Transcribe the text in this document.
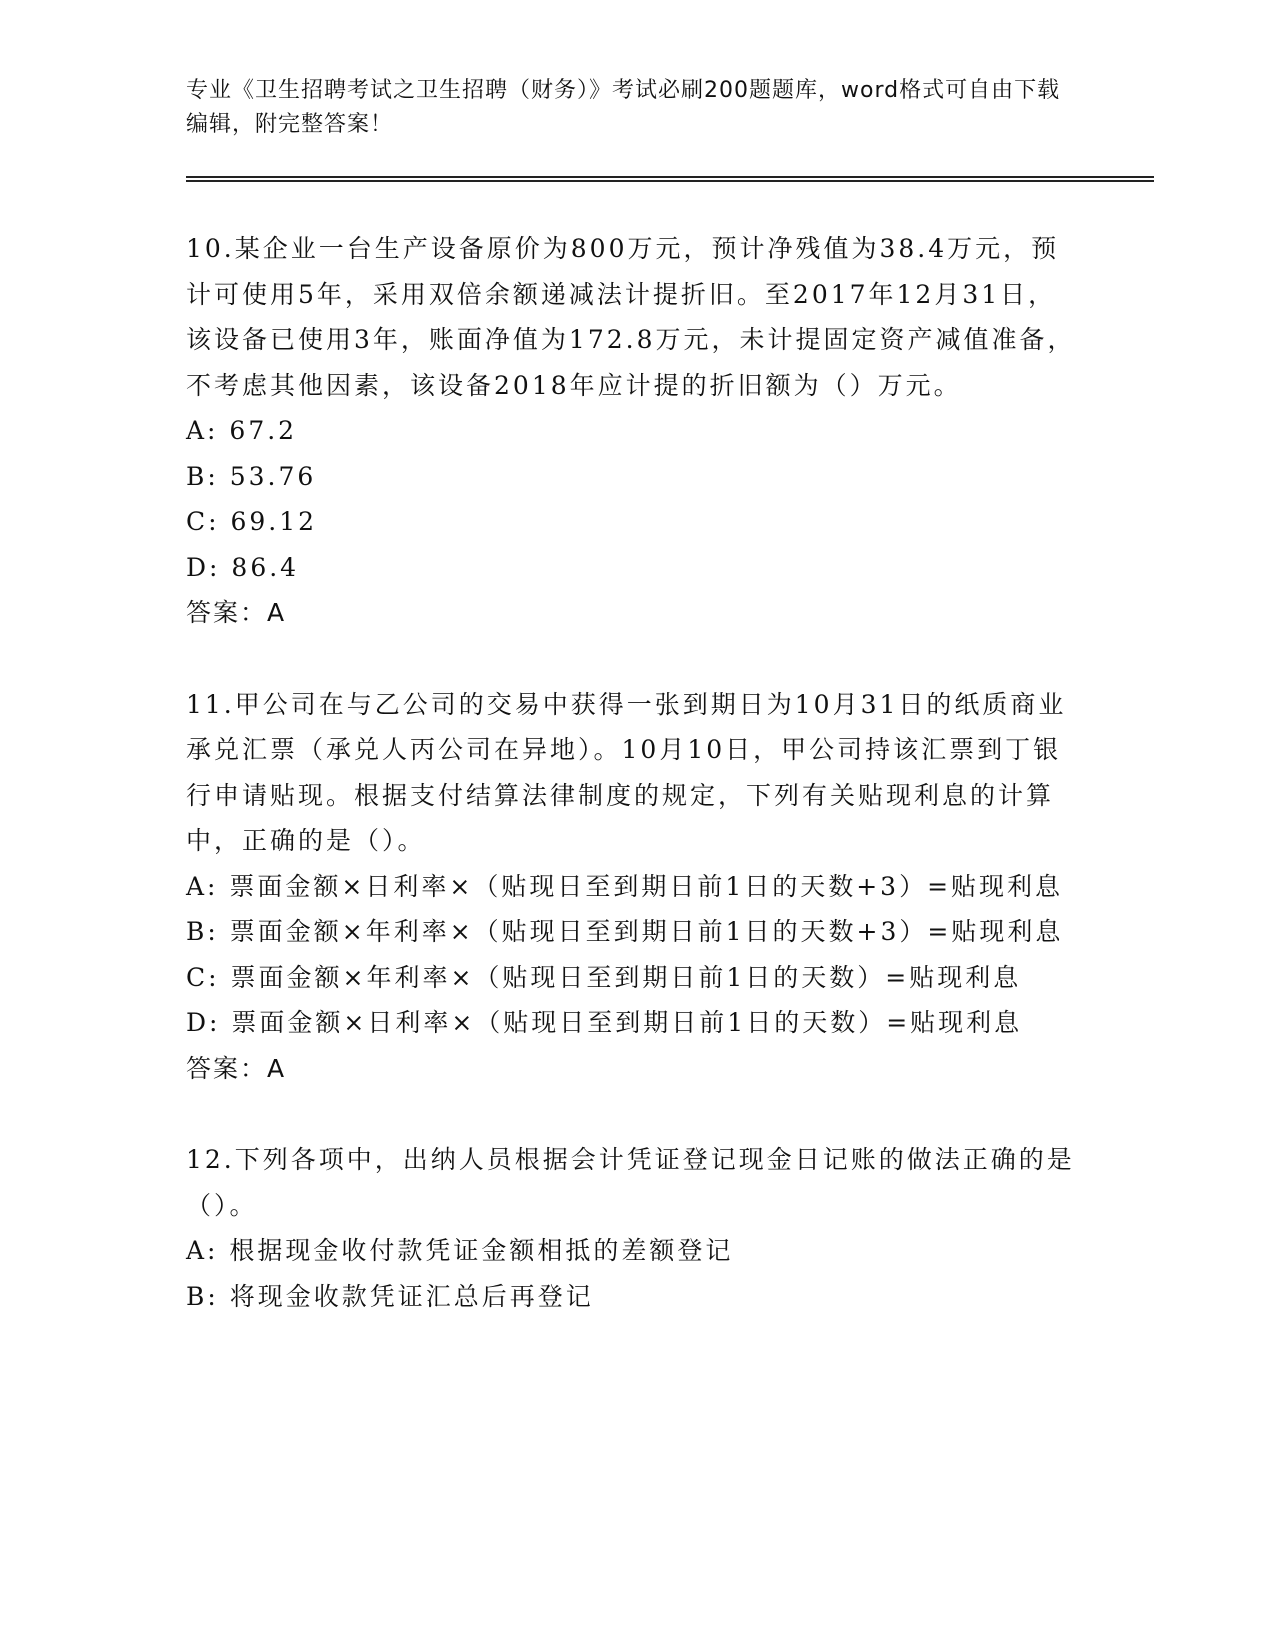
专业《卫生招聘考试之卫生招聘（财务）》考试必刷200题题库，word格式可自由下载编辑，附完整答案！

10.某企业一台生产设备原价为800万元，预计净残值为38.4万元，预计可使用5年，采用双倍余额递减法计提折旧。至2017年12月31日，该设备已使用3年，账面净值为172.8万元，未计提固定资产减值准备，不考虑其他因素，该设备2018年应计提的折旧额为（）万元。

A: 67.2

B: 53.76

C: 69.12

D: 86.4

答案：A

11.甲公司在与乙公司的交易中获得一张到期日为10月31日的纸质商业承兑汇票（承兑人丙公司在异地）。10月10日，甲公司持该汇票到丁银行申请贴现。根据支付结算法律制度的规定，下列有关贴现利息的计算中，正确的是（）。

A: 票面金额×日利率×（贴现日至到期日前1日的天数+3）=贴现利息

B: 票面金额×年利率×（贴现日至到期日前1日的天数+3）=贴现利息

C: 票面金额×年利率×（贴现日至到期日前1日的天数）=贴现利息

D: 票面金额×日利率×（贴现日至到期日前1日的天数）=贴现利息

答案：A

12.下列各项中，出纳人员根据会计凭证登记现金日记账的做法正确的是（）。

A: 根据现金收付款凭证金额相抵的差额登记

B: 将现金收款凭证汇总后再登记
